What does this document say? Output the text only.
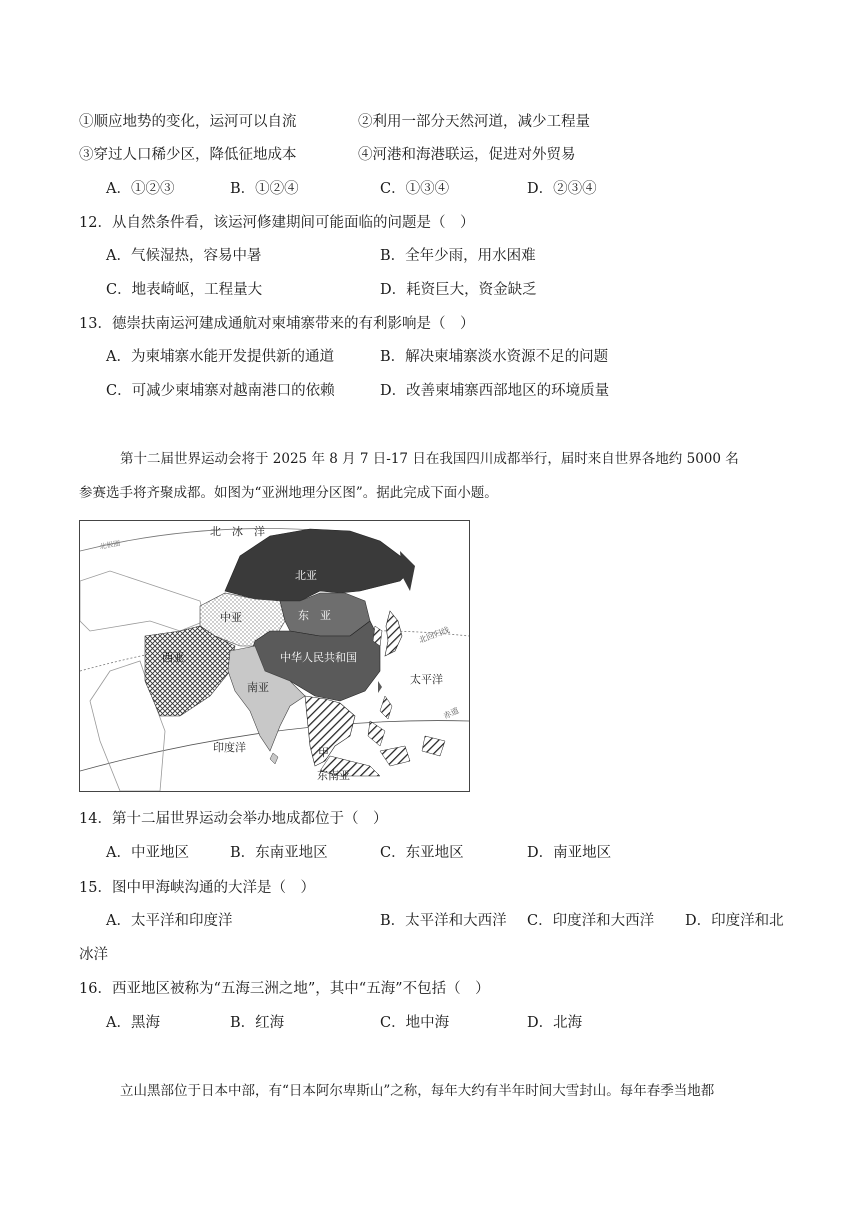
①顺应地势的变化，运河可以自流	②利用一部分天然河道，减少工程量
③穿过人口稀少区，降低征地成本	④河港和海港联运，促进对外贸易
A．①②③	B．①②④	C．①③④	D．②③④
12．从自然条件看，该运河修建期间可能面临的问题是（　）
A．气候湿热，容易中暑	B．全年少雨，用水困难
C．地表崎岖，工程量大	D．耗资巨大，资金缺乏
13．德崇扶南运河建成通航对柬埔寨带来的有利影响是（　）
A．为柬埔寨水能开发提供新的通道	B．解决柬埔寨淡水资源不足的问题
C．可减少柬埔寨对越南港口的依赖	D．改善柬埔寨西部地区的环境质量
第十二届世界运动会将于 2025 年 8 月 7 日-17 日在我国四川成都举行，届时来自世界各地约 5000 名
参赛选手将齐聚成都。如图为“亚洲地理分区图”。据此完成下面小题。
北　冰　洋
北亚
中亚	东　亚
中华人民共和国
西亚
南亚
太平洋
印度洋
东南亚
甲
北回归线
赤道
北极圈
14．第十二届世界运动会举办地成都位于（　）
A．中亚地区	B．东南亚地区	C．东亚地区	D．南亚地区
15．图中甲海峡沟通的大洋是（　）
A．太平洋和印度洋	B．太平洋和大西洋 C．印度洋和大西洋 D．印度洋和北
冰洋
16．西亚地区被称为“五海三洲之地”，其中“五海”不包括（　）
A．黑海	B．红海	C．地中海	D．北海
立山黑部位于日本中部，有“日本阿尔卑斯山”之称，每年大约有半年时间大雪封山。每年春季当地都
